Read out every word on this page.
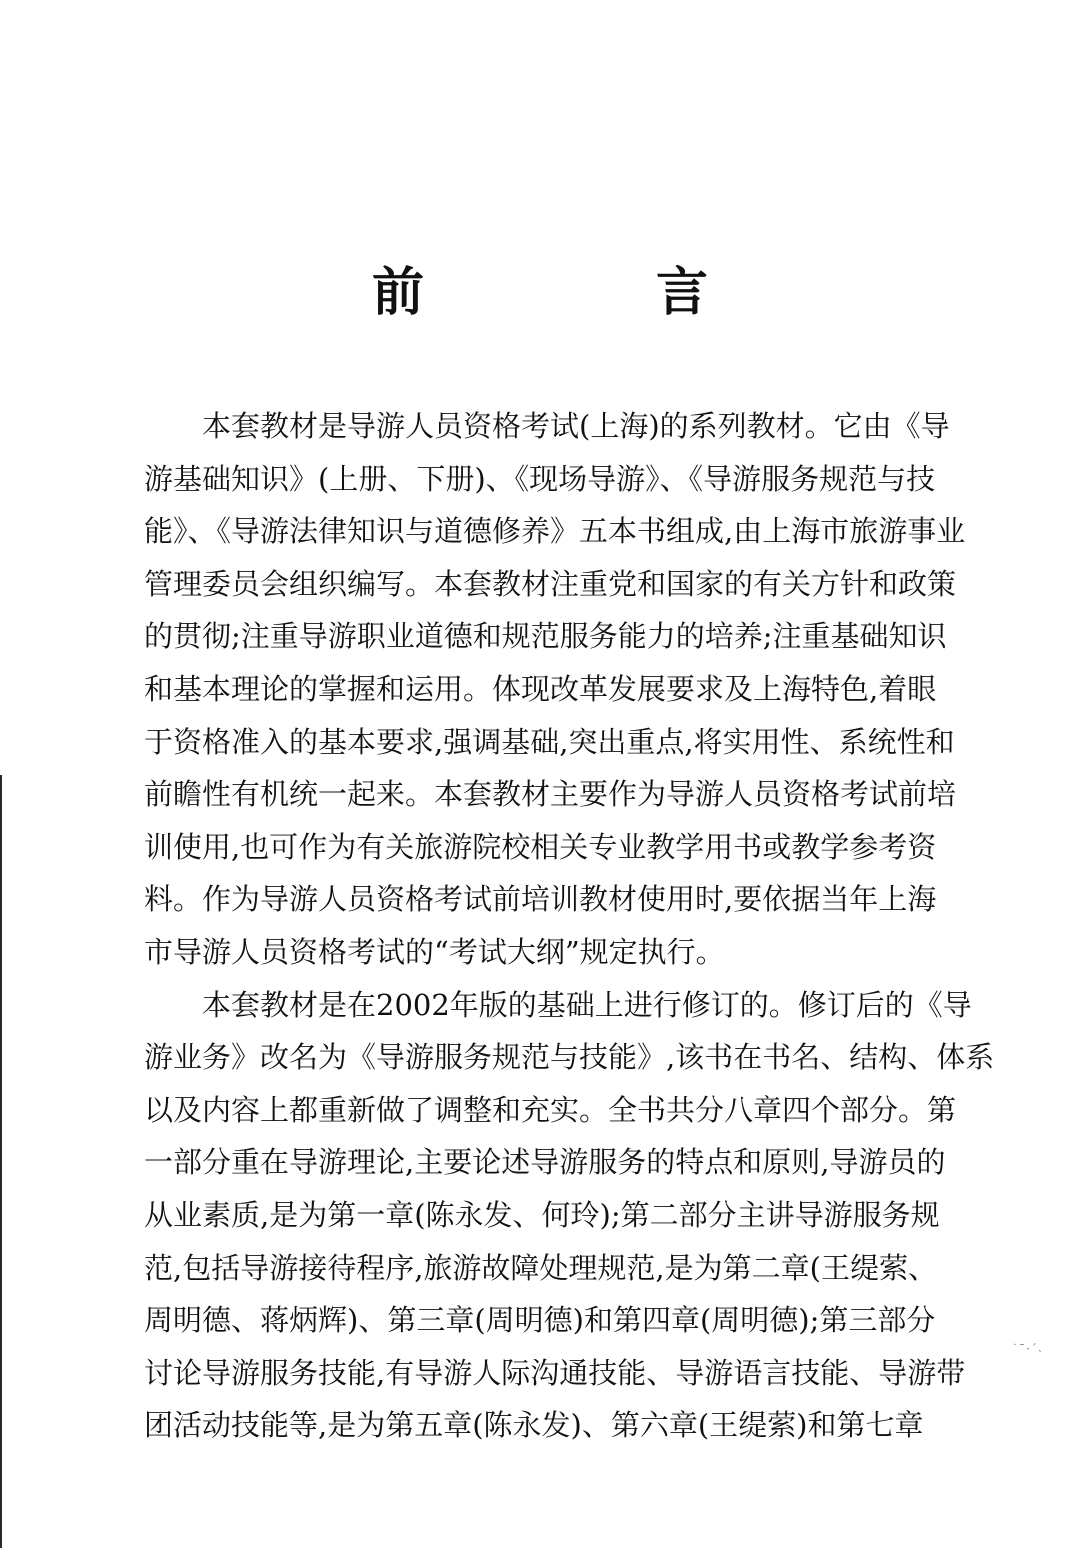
前　言
本套教材是导游人员资格考试(上海)的系列教材。它由《导
游基础知识》(上册、下册)、《现场导游》、《导游服务规范与技
能》、《导游法律知识与道德修养》五本书组成,由上海市旅游事业
管理委员会组织编写。本套教材注重党和国家的有关方针和政策
的贯彻;注重导游职业道德和规范服务能力的培养;注重基础知识
和基本理论的掌握和运用。体现改革发展要求及上海特色,着眼
于资格准入的基本要求,强调基础,突出重点,将实用性、系统性和
前瞻性有机统一起来。本套教材主要作为导游人员资格考试前培
训使用,也可作为有关旅游院校相关专业教学用书或教学参考资
料。作为导游人员资格考试前培训教材使用时,要依据当年上海
市导游人员资格考试的“考试大纲”规定执行。
本套教材是在2002年版的基础上进行修订的。修订后的《导
游业务》改名为《导游服务规范与技能》,该书在书名、结构、体系
以及内容上都重新做了调整和充实。全书共分八章四个部分。第
一部分重在导游理论,主要论述导游服务的特点和原则,导游员的
从业素质,是为第一章(陈永发、何玲);第二部分主讲导游服务规
范,包括导游接待程序,旅游故障处理规范,是为第二章(王缇萦、
周明德、蒋炳辉)、第三章(周明德)和第四章(周明德);第三部分
讨论导游服务技能,有导游人际沟通技能、导游语言技能、导游带
团活动技能等,是为第五章(陈永发)、第六章(王缇萦)和第七章
˙ˉ·ˊ˴
